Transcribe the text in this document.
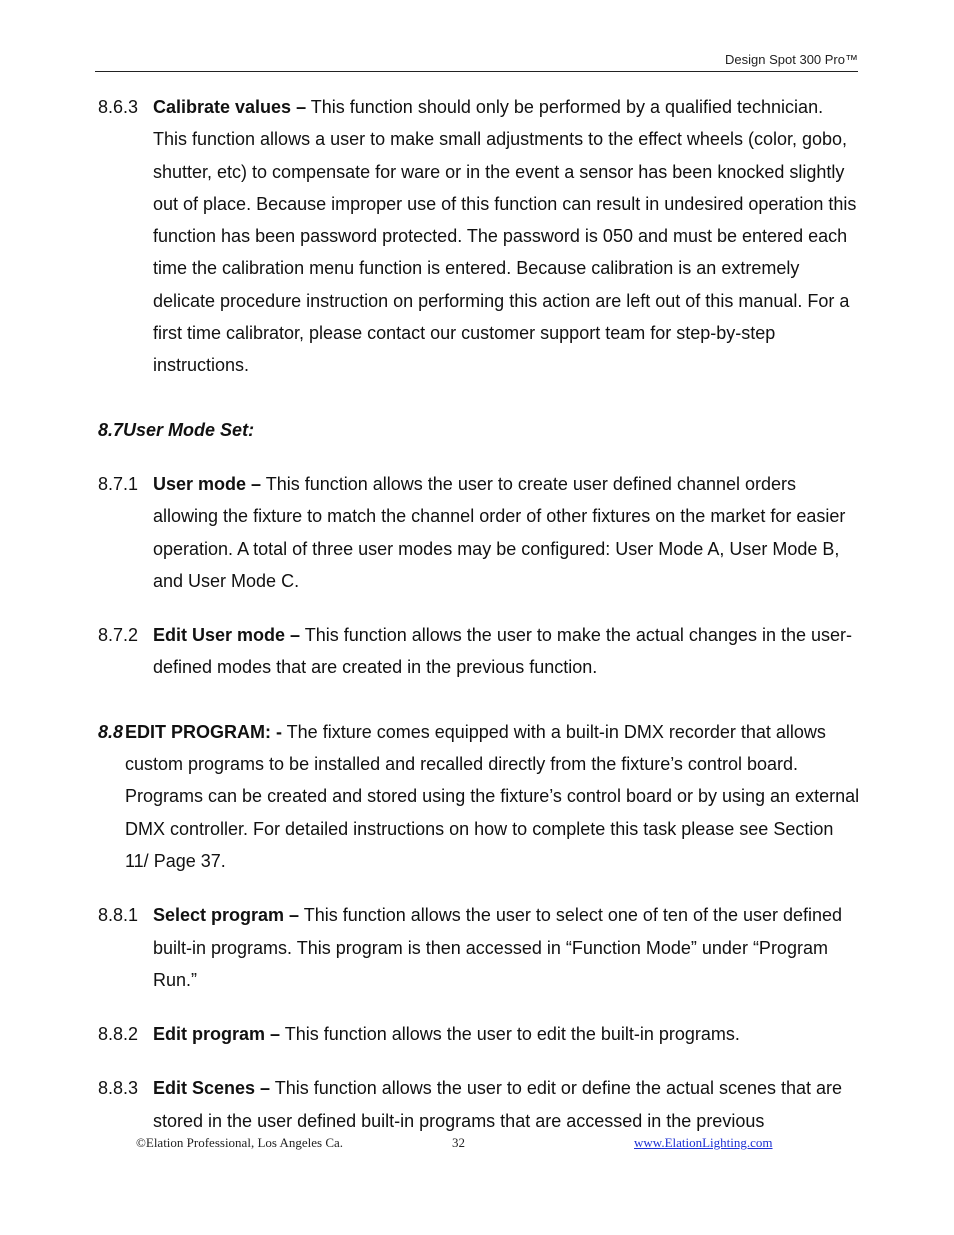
Design Spot 300 Pro™
8.6.3 Calibrate values – This function should only be performed by a qualified technician. This function allows a user to make small adjustments to the effect wheels (color, gobo, shutter, etc) to compensate for ware or in the event a sensor has been knocked slightly out of place. Because improper use of this function can result in undesired operation this function has been password protected. The password is 050 and must be entered each time the calibration menu function is entered. Because calibration is an extremely delicate procedure instruction on performing this action are left out of this manual. For a first time calibrator, please contact our customer support team for step-by-step instructions.
8.7User Mode Set:
8.7.1 User mode – This function allows the user to create user defined channel orders allowing the fixture to match the channel order of other fixtures on the market for easier operation. A total of three user modes may be configured: User Mode A, User Mode B, and User Mode C.
8.7.2 Edit User mode – This function allows the user to make the actual changes in the user-defined modes that are created in the previous function.
8.8 EDIT PROGRAM: - The fixture comes equipped with a built-in DMX recorder that allows custom programs to be installed and recalled directly from the fixture’s control board. Programs can be created and stored using the fixture’s control board or by using an external DMX controller. For detailed instructions on how to complete this task please see Section 11/ Page 37.
8.8.1 Select program – This function allows the user to select one of ten of the user defined built-in programs. This program is then accessed in “Function Mode” under “Program Run.”
8.8.2 Edit program – This function allows the user to edit the built-in programs.
8.8.3 Edit Scenes – This function allows the user to edit or define the actual scenes that are stored in the user defined built-in programs that are accessed in the previous
©Elation Professional, Los Angeles Ca.	32	www.ElationLighting.com
